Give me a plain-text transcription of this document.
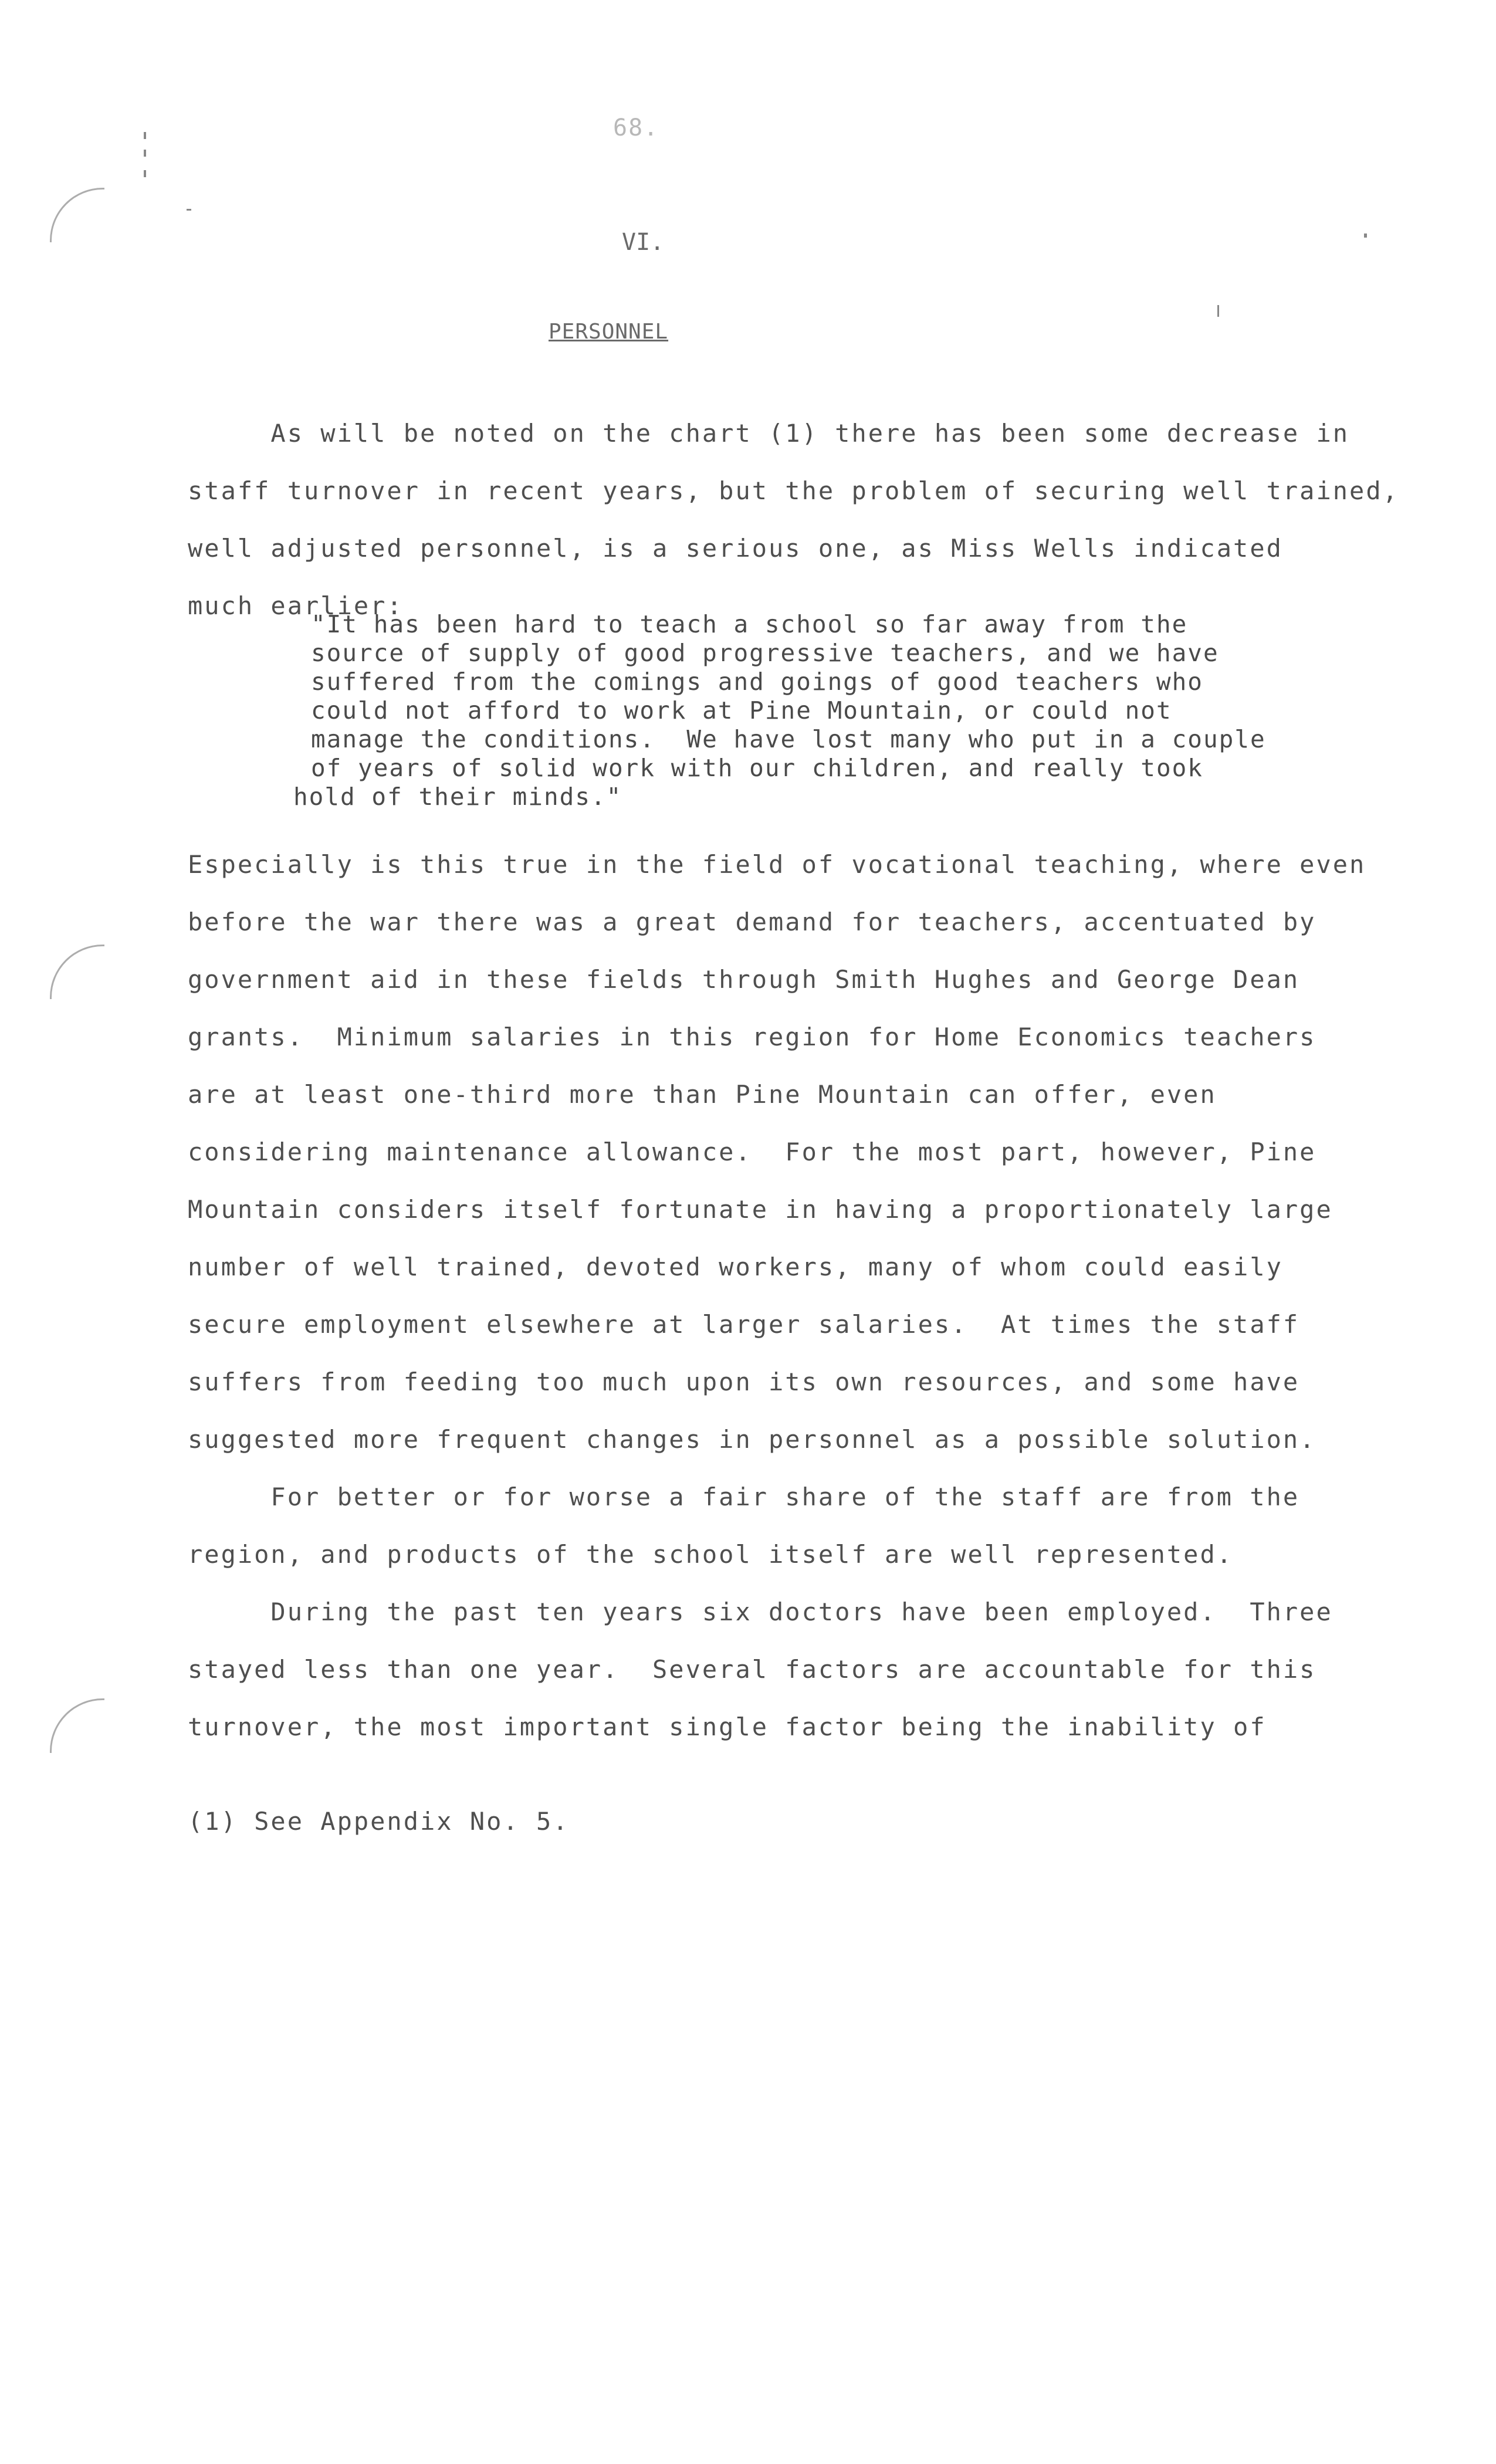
68.
VI.
PERSONNEL
As will be noted on the chart (1) there has been some decrease in
staff turnover in recent years, but the problem of securing well trained,
well adjusted personnel, is a serious one, as Miss Wells indicated
much earlier:
"It has been hard to teach a school so far away from the
source of supply of good progressive teachers, and we have
suffered from the comings and goings of good teachers who
could not afford to work at Pine Mountain, or could not
manage the conditions.  We have lost many who put in a couple
of years of solid work with our children, and really took
hold of their minds."
Especially is this true in the field of vocational teaching, where even
before the war there was a great demand for teachers, accentuated by
government aid in these fields through Smith Hughes and George Dean
grants.  Minimum salaries in this region for Home Economics teachers
are at least one-third more than Pine Mountain can offer, even
considering maintenance allowance.  For the most part, however, Pine
Mountain considers itself fortunate in having a proportionately large
number of well trained, devoted workers, many of whom could easily
secure employment elsewhere at larger salaries.  At times the staff
suffers from feeding too much upon its own resources, and some have
suggested more frequent changes in personnel as a possible solution.
For better or for worse a fair share of the staff are from the
region, and products of the school itself are well represented.
During the past ten years six doctors have been employed.  Three
stayed less than one year.  Several factors are accountable for this
turnover, the most important single factor being the inability of
(1) See Appendix No. 5.
